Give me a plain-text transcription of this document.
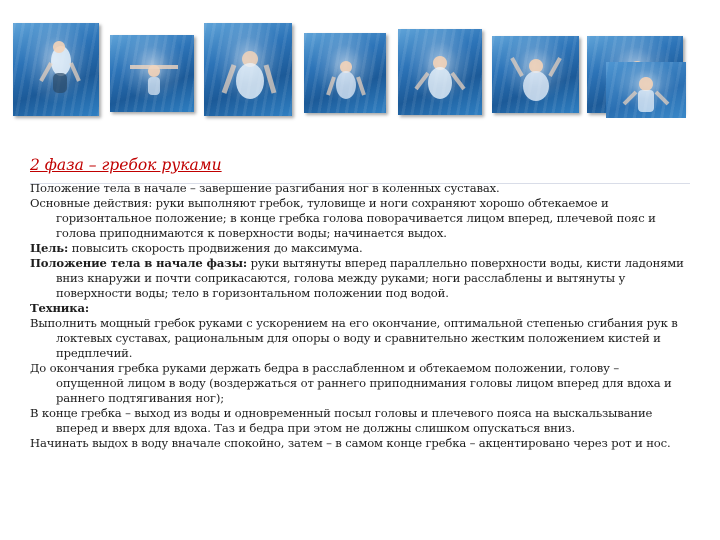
2 фаза – гребок руками

Положение тела в начале – завершение разгибания ног в коленных суставах.

Основные действия: руки выполняют гребок, туловище и ноги сохраняют хорошо обтекаемое и горизонтальное положение; в конце гребка голова поворачивается лицом вперед, плечевой пояс и голова приподнимаются к поверхности воды; начинается выдох.

Цель: повысить скорость продвижения до максимума.

Положение тела в начале фазы: руки вытянуты вперед параллельно поверхности воды, кисти ладонями вниз кнаружи и почти соприкасаются, голова между руками; ноги расслаблены и вытянуты у поверхности воды; тело в горизонтальном положении под водой.

Техника:

Выполнить мощный гребок руками с ускорением на его окончание, оптимальной степенью сгибания рук в локтевых суставах, рациональным для опоры о воду и сравнительно жестким положением кистей и предплечий.

До окончания гребка руками держать бедра в расслабленном и обтекаемом положении, голову – опущенной лицом в воду (воздержаться от раннего приподнимания головы лицом вперед для вдоха и раннего подтягивания ног);

В конце гребка – выход из воды и одновременный посыл головы и плечевого пояса на выскальзывание вперед и вверх для вдоха. Таз и бедра при этом не должны слишком опускаться вниз.

Начинать выдох в воду вначале спокойно, затем – в самом конце гребка – акцентировано через рот и нос.
